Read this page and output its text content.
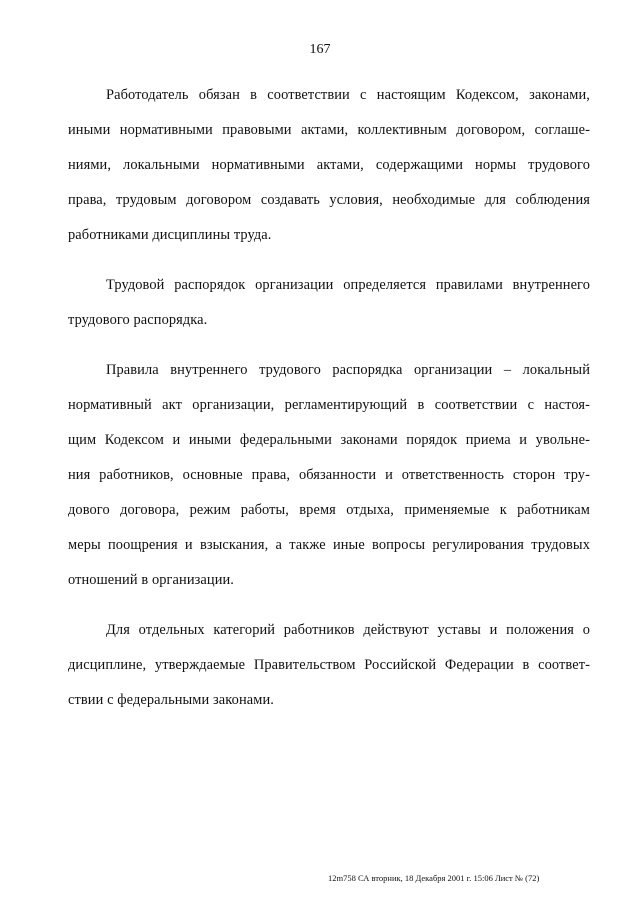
167

Работодатель обязан в соответствии с настоящим Кодексом, законами,
иными нормативными правовыми актами, коллективным договором, соглаше-
ниями, локальными нормативными актами, содержащими нормы трудового
права, трудовым договором создавать условия, необходимые для соблюдения
работниками дисциплины труда.

Трудовой распорядок организации определяется правилами внутреннего
трудового распорядка.

Правила внутреннего трудового распорядка организации – локальный
нормативный акт организации, регламентирующий в соответствии с настоя-
щим Кодексом и иными федеральными законами порядок приема и увольне-
ния работников, основные права, обязанности и ответственность сторон тру-
дового договора, режим работы, время отдыха, применяемые к работникам
меры поощрения и взыскания, а также иные вопросы регулирования трудовых
отношений в организации.

Для отдельных категорий работников действуют уставы и положения о
дисциплине, утверждаемые Правительством Российской Федерации в соответ-
ствии с федеральными законами.

12m758 СА вторник, 18 Декабря 2001 г. 15:06 Лист № (72)
